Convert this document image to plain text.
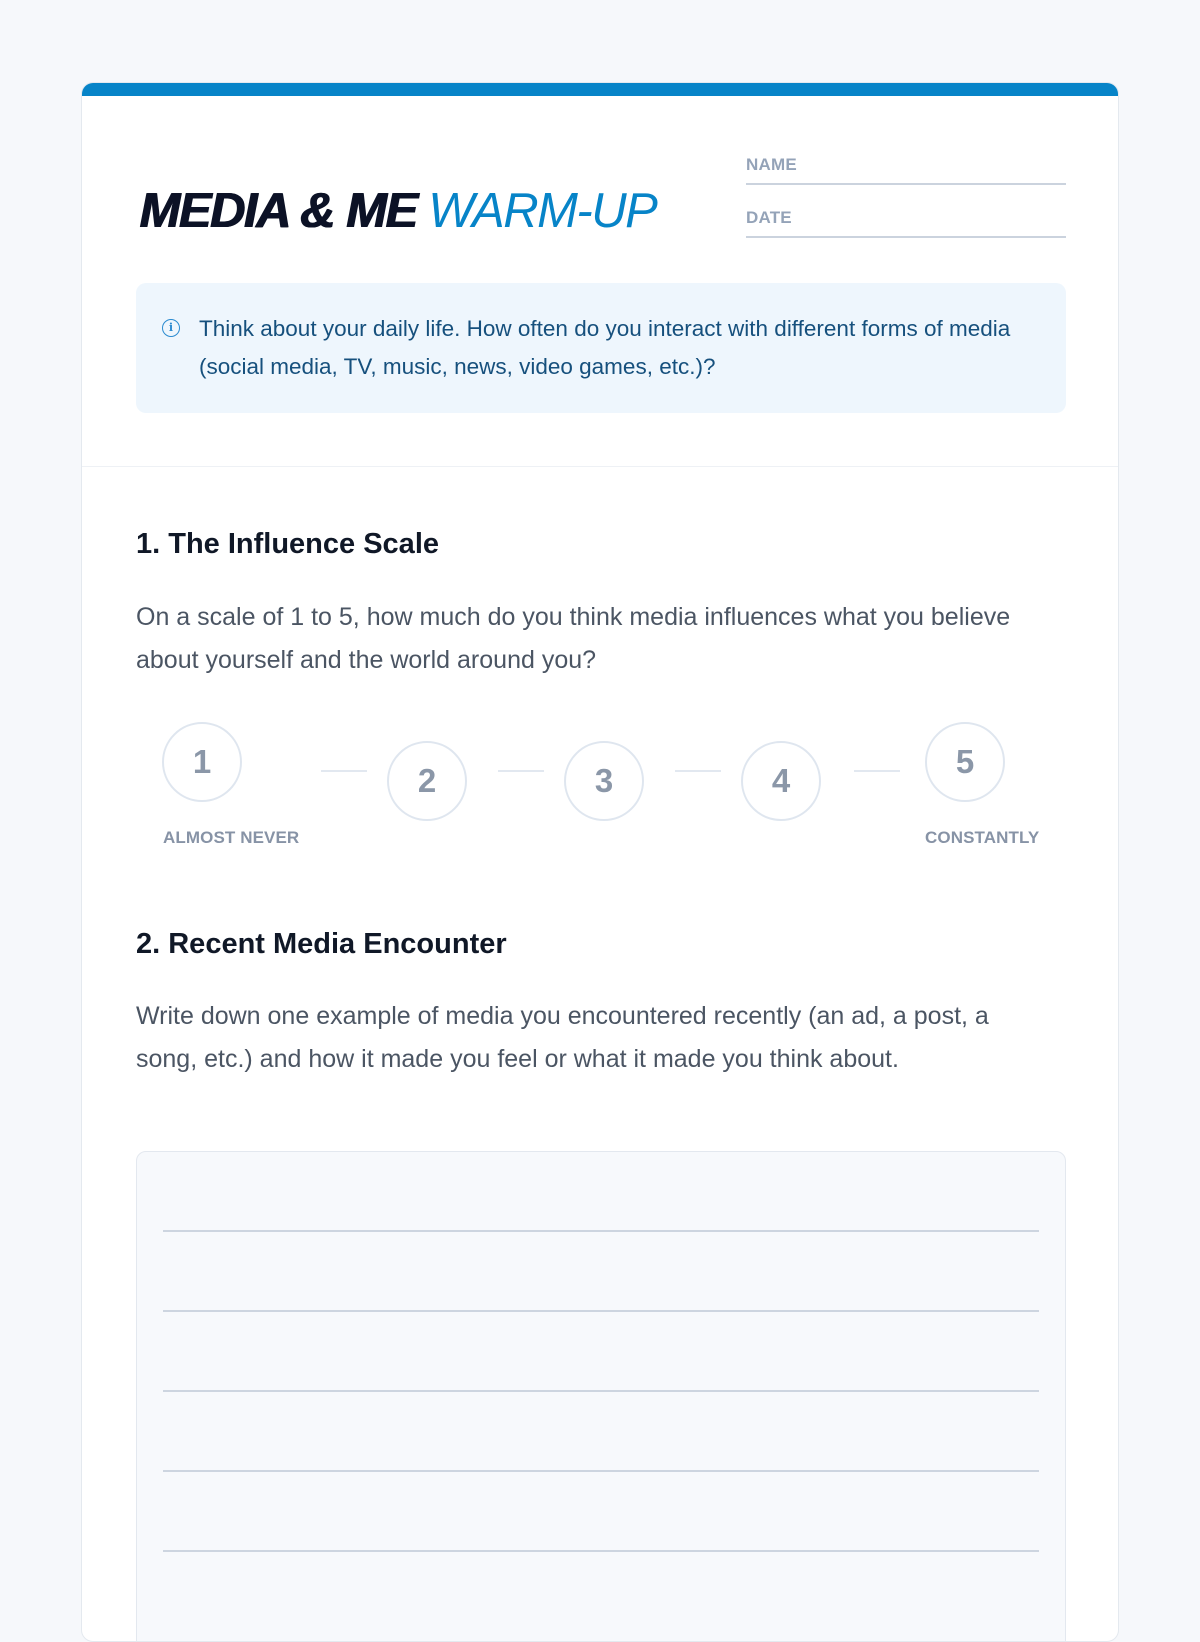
MEDIA & ME WARM-UP
NAME
DATE
i	Think about your daily life. How often do you interact with different forms of media (social media, TV, music, news, video games, etc.)?
1. The Influence Scale
On a scale of 1 to 5, how much do you think media influences what you believe about yourself and the world around you?
1
2	3	4
5
ALMOST NEVER	CONSTANTLY
2. Recent Media Encounter
Write down one example of media you encountered recently (an ad, a post, a song, etc.) and how it made you feel or what it made you think about.
